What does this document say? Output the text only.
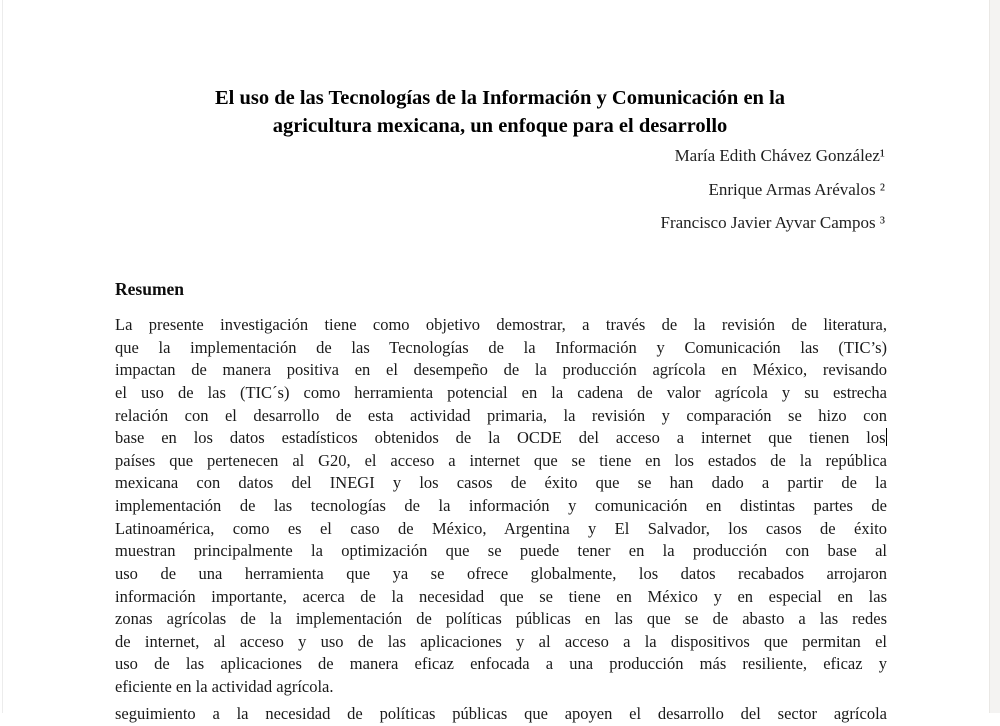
El uso de las Tecnologías de la Información y Comunicación en la
agricultura mexicana, un enfoque para el desarrollo
María Edith Chávez González¹
Enrique Armas Arévalos ²
Francisco Javier Ayvar Campos ³
Resumen
La presente investigación tiene como objetivo demostrar, a través de la revisión de literatura,
que la implementación de las Tecnologías de la Información y Comunicación las (TIC’s)
impactan de manera positiva en el desempeño de la producción agrícola en México, revisando
el uso de las (TIC´s) como herramienta potencial en la cadena de valor agrícola y su estrecha
relación con el desarrollo de esta actividad primaria, la revisión y comparación se hizo con
base en los datos estadísticos obtenidos de la OCDE del acceso a internet que tienen los
países que pertenecen al G20, el acceso a internet que se tiene en los estados de la república
mexicana con datos del INEGI y los casos de éxito que se han dado a partir de la
implementación de las tecnologías de la información y comunicación en distintas partes de
Latinoamérica, como es el caso de México, Argentina y El Salvador, los casos de éxito
muestran principalmente la optimización que se puede tener en la producción con base al
uso de una herramienta que ya se ofrece globalmente, los datos recabados arrojaron
información importante, acerca de la necesidad que se tiene en México y en especial en las
zonas agrícolas de la implementación de políticas públicas en las que se de abasto a las redes
de internet, al acceso y uso de las aplicaciones y al acceso a la dispositivos que permitan el
uso de las aplicaciones de manera eficaz enfocada a una producción más resiliente, eficaz y
eficiente en la actividad agrícola.
seguimiento a la necesidad de políticas públicas que apoyen el desarrollo del sector agrícola
